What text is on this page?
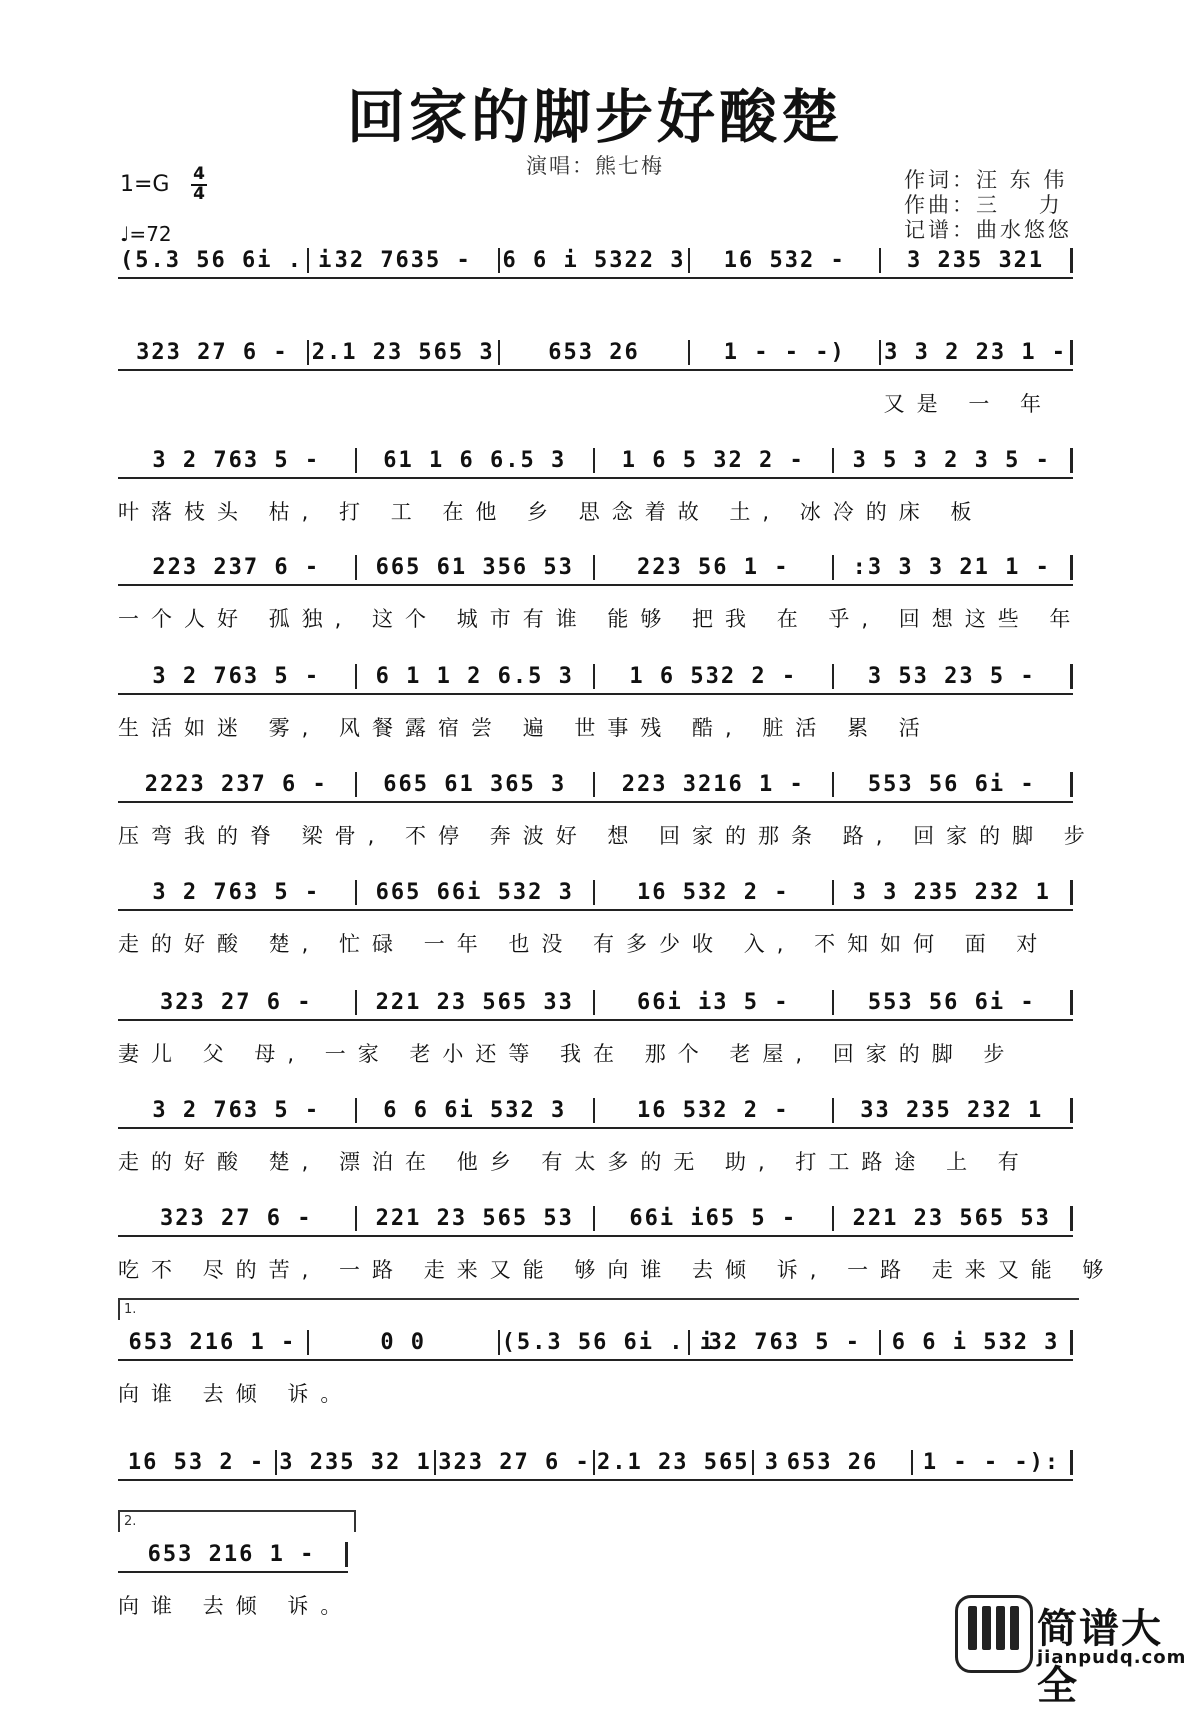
回家的脚步好酸楚
演唱：熊七梅
1=G 4
4
♩=72
作词：汪 东 伟
作曲：三    力
记谱：曲水悠悠
(5.3 56 6i . i 32 7635 -	6 6 i 5322 3	16 532 -	3 235 321
323 27 6 -	2.1 23 565 3	653 26	1 - - -)	3 3 2 23 1 -
又是 一 年
3 2 763 5 -	61 1 6 6.5 3	1 6 5 32 2 -	3 5 3 2 3 5 -
叶落枝头 枯, 打 工 在他 乡 思念着故 土, 冰冷的床 板
223 237 6 -	665 61 356 53	223 56 1 -	:3 3 3 21 1 -
一个人好 孤独, 这个 城市有谁 能够 把我 在 乎, 回想这些 年
3 2 763 5 -	6 1 1 2 6.5 3	1 6 532 2 -	3 53 23 5 -
生活如迷 雾, 风餐露宿尝 遍 世事残 酷, 脏活 累 活
2223 237 6 -	665 61 365 3	223 3216 1 -	553 56 6i -
压弯我的脊 梁骨, 不停 奔波好 想 回家的那条 路, 回家的脚 步
3 2 763 5 -	665 66i 532 3	16 532 2 -	3 3 235 232 1
走的好酸 楚, 忙碌 一年 也没 有多少收 入, 不知如何 面 对
323 27 6 -	221 23 565 33	66i i3 5 -	553 56 6i -
妻儿 父 母, 一家 老小还等 我在 那个 老屋, 回家的脚 步
3 2 763 5 -	6 6 6i 532 3	16 532 2 -	33 235 232 1
走的好酸 楚, 漂泊在 他乡 有太多的无 助, 打工路途 上 有
323 27 6 -	221 23 565 53	66i i65 5 -	221 23 565 53
吃不 尽的苦, 一路 走来又能 够向谁 去倾 诉, 一路 走来又能 够
1.
653 216 1 -	0 0	(5.3 56 6i . i
32 763 5 -	6 6 i 532 3
向谁 去倾 诉。
16 53 2 - 3 235 32 1 323 27 6 - 2.1 23 565 3 653 26	1 - - -):
2.
653 216 1 -
向谁 去倾 诉。	简谱大全
jianpudq.com
